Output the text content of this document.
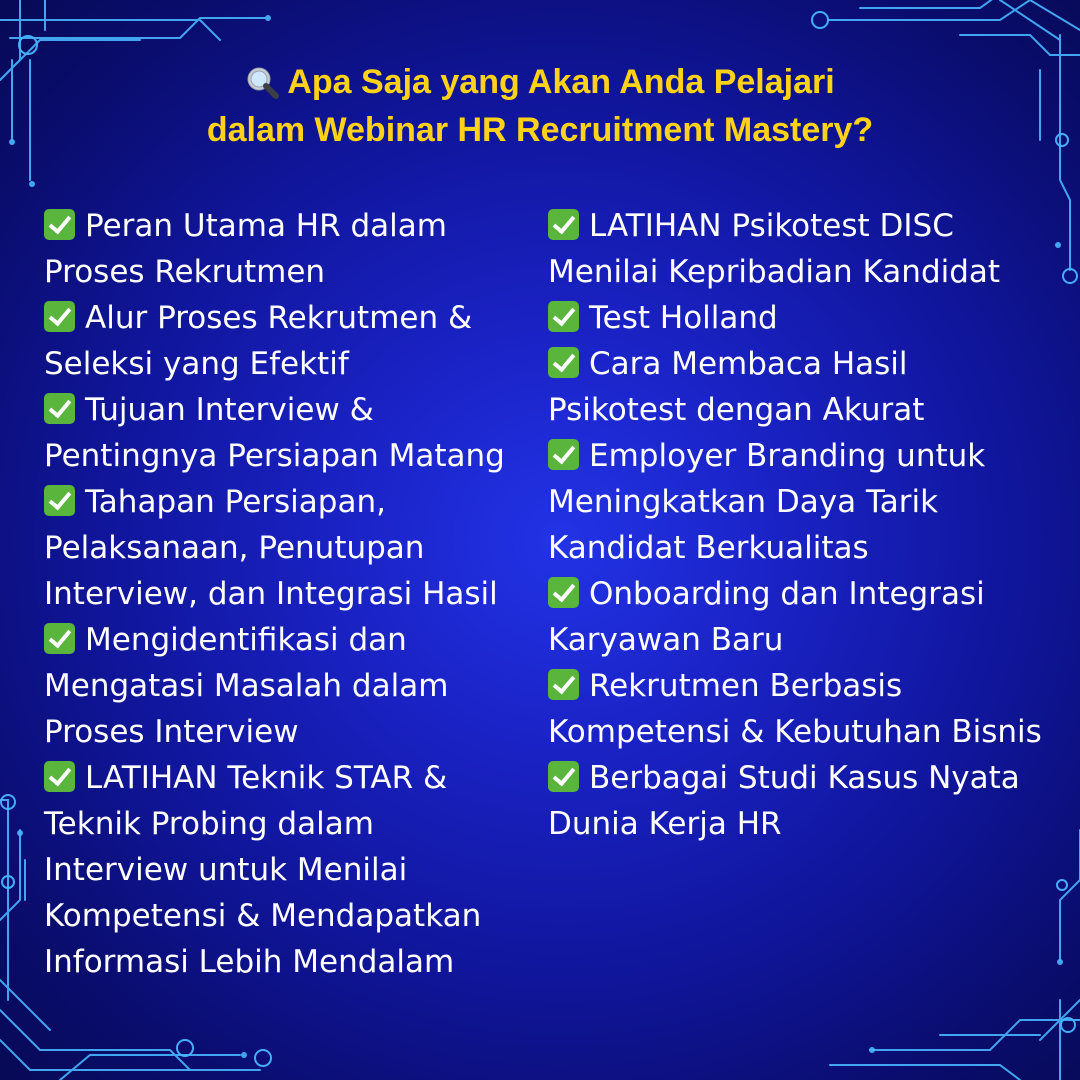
Apa Saja yang Akan Anda Pelajari
dalam Webinar HR Recruitment Mastery?
Peran Utama HR dalam
Proses Rekrutmen
Alur Proses Rekrutmen &
Seleksi yang Efektif
Tujuan Interview &
Pentingnya Persiapan Matang
Tahapan Persiapan,
Pelaksanaan, Penutupan
Interview, dan Integrasi Hasil
Mengidentifikasi dan
Mengatasi Masalah dalam
Proses Interview
LATIHAN Teknik STAR &
Teknik Probing dalam
Interview untuk Menilai
Kompetensi & Mendapatkan
Informasi Lebih Mendalam
LATIHAN Psikotest DISC
Menilai Kepribadian Kandidat
Test Holland
Cara Membaca Hasil
Psikotest dengan Akurat
Employer Branding untuk
Meningkatkan Daya Tarik
Kandidat Berkualitas
Onboarding dan Integrasi
Karyawan Baru
Rekrutmen Berbasis
Kompetensi & Kebutuhan Bisnis
Berbagai Studi Kasus Nyata
Dunia Kerja HR
